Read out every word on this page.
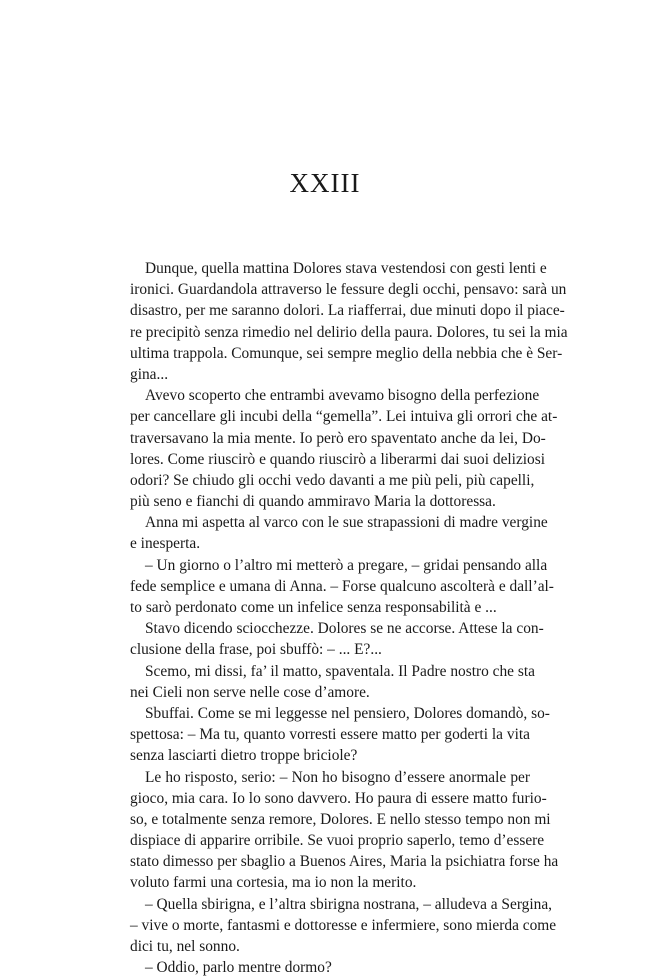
XXIII
Dunque, quella mattina Dolores stava vestendosi con gesti lenti e
ironici. Guardandola attraverso le fessure degli occhi, pensavo: sarà un
disastro, per me saranno dolori. La riafferrai, due minuti dopo il piace-
re precipitò senza rimedio nel delirio della paura. Dolores, tu sei la mia
ultima trappola. Comunque, sei sempre meglio della nebbia che è Ser-
gina...
Avevo scoperto che entrambi avevamo bisogno della perfezione
per cancellare gli incubi della “gemella”. Lei intuiva gli orrori che at-
traversavano la mia mente. Io però ero spaventato anche da lei, Do-
lores. Come riuscirò e quando riuscirò a liberarmi dai suoi deliziosi
odori? Se chiudo gli occhi vedo davanti a me più peli, più capelli,
più seno e fianchi di quando ammiravo Maria la dottoressa.
Anna mi aspetta al varco con le sue strapassioni di madre vergine
e inesperta.
– Un giorno o l’altro mi metterò a pregare, – gridai pensando alla
fede semplice e umana di Anna. – Forse qualcuno ascolterà e dall’al-
to sarò perdonato come un infelice senza responsabilità e ...
Stavo dicendo sciocchezze. Dolores se ne accorse. Attese la con-
clusione della frase, poi sbuffò: – ... E?...
Scemo, mi dissi, fa’ il matto, spaventala. Il Padre nostro che sta
nei Cieli non serve nelle cose d’amore.
Sbuffai. Come se mi leggesse nel pensiero, Dolores domandò, so-
spettosa: – Ma tu, quanto vorresti essere matto per goderti la vita
senza lasciarti dietro troppe briciole?
Le ho risposto, serio: – Non ho bisogno d’essere anormale per
gioco, mia cara. Io lo sono davvero. Ho paura di essere matto furio-
so, e totalmente senza remore, Dolores. E nello stesso tempo non mi
dispiace di apparire orribile. Se vuoi proprio saperlo, temo d’essere
stato dimesso per sbaglio a Buenos Aires, Maria la psichiatra forse ha
voluto farmi una cortesia, ma io non la merito.
– Quella sbirigna, e l’altra sbirigna nostrana, – alludeva a Sergina,
– vive o morte, fantasmi e dottoresse e infermiere, sono mierda come
dici tu, nel sonno.
– Oddio, parlo mentre dormo?
